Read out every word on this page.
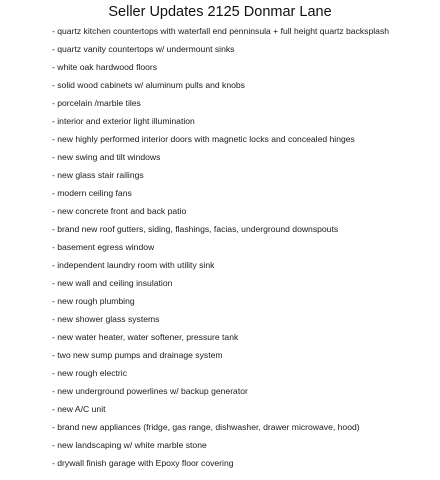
Seller Updates 2125 Donmar Lane
- quartz kitchen countertops with waterfall end penninsula + full height quartz backsplash
- quartz vanity countertops w/ undermount sinks
- white oak hardwood floors
- solid wood cabinets w/ aluminum pulls and knobs
- porcelain /marble tiles
- interior and exterior light illumination
- new highly performed interior doors with magnetic locks and concealed hinges
- new swing and tilt windows
- new glass stair railings
- modern ceiling fans
- new concrete front and back patio
- brand new roof gutters, siding, flashings, facias, underground downspouts
- basement egress window
- independent laundry room with utility sink
- new wall and ceiling insulation
- new rough plumbing
- new shower glass systems
- new water heater, water softener, pressure tank
- two new sump pumps and drainage system
- new rough electric
- new underground powerlines w/ backup generator
- new A/C unit
- brand new appliances (fridge, gas range, dishwasher, drawer microwave, hood)
- new landscaping w/ white marble stone
- drywall finish garage with Epoxy floor covering
